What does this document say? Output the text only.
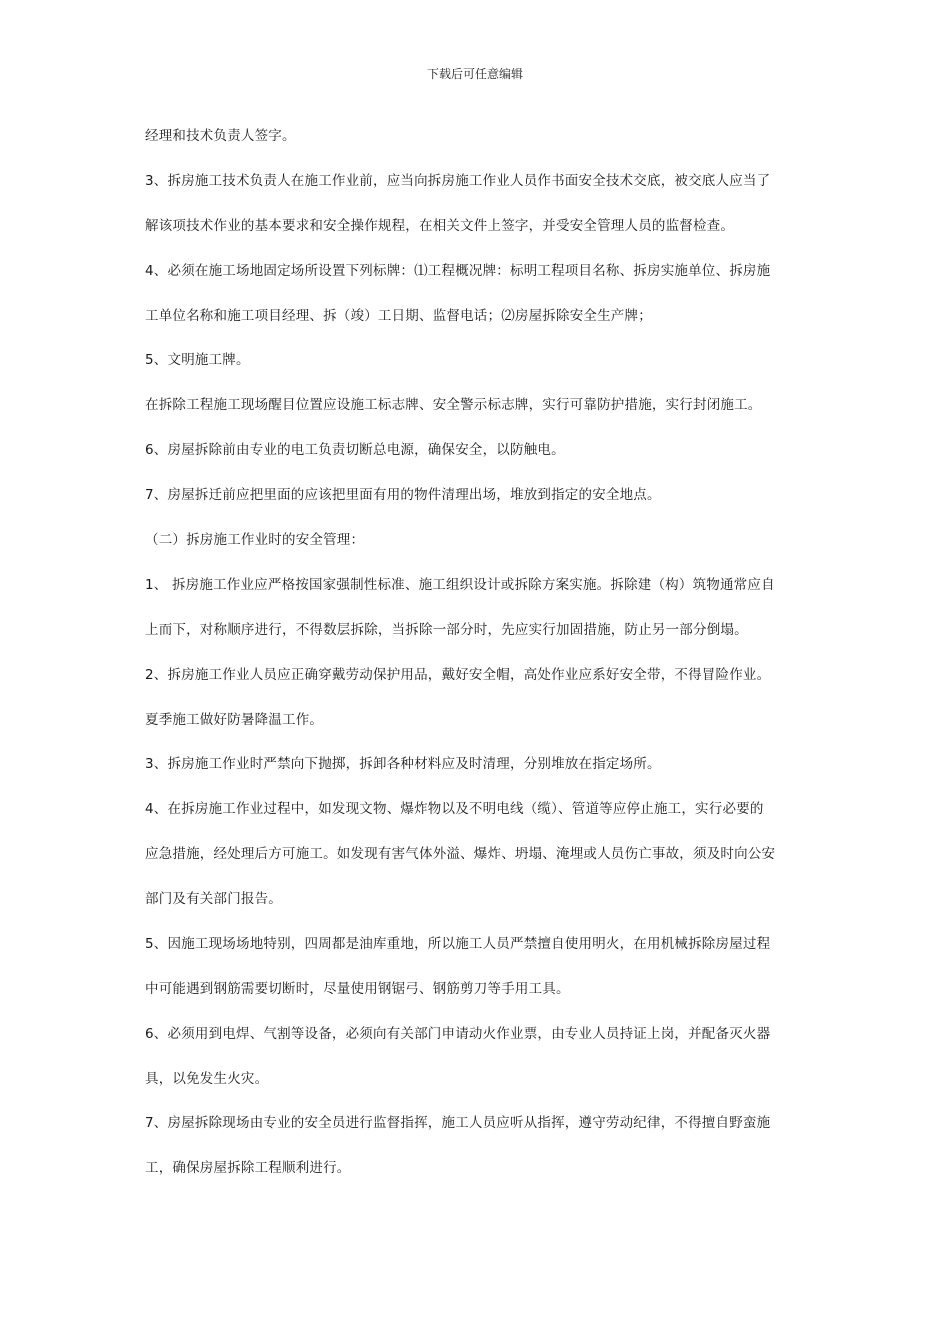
下载后可任意编辑
经理和技术负责人签字。
3、拆房施工技术负责人在施工作业前，应当向拆房施工作业人员作书面安全技术交底，被交底人应当了
解该项技术作业的基本要求和安全操作规程，在相关文件上签字，并受安全管理人员的监督检查。
4、必须在施工场地固定场所设置下列标牌：⑴工程概况牌：标明工程项目名称、拆房实施单位、拆房施
工单位名称和施工项目经理、拆（竣）工日期、监督电话；⑵房屋拆除安全生产牌；
5、文明施工牌。
在拆除工程施工现场醒目位置应设施工标志牌、安全警示标志牌，实行可靠防护措施，实行封闭施工。
6、房屋拆除前由专业的电工负责切断总电源，确保安全，以防触电。
7、房屋拆迁前应把里面的应该把里面有用的物件清理出场，堆放到指定的安全地点。
（二）拆房施工作业时的安全管理：
1、 拆房施工作业应严格按国家强制性标准、施工组织设计或拆除方案实施。拆除建（构）筑物通常应自
上而下，对称顺序进行，不得数层拆除，当拆除一部分时，先应实行加固措施，防止另一部分倒塌。
2、拆房施工作业人员应正确穿戴劳动保护用品，戴好安全帽，高处作业应系好安全带，不得冒险作业。
夏季施工做好防暑降温工作。
3、拆房施工作业时严禁向下抛掷，拆卸各种材料应及时清理，分别堆放在指定场所。
4、在拆房施工作业过程中，如发现文物、爆炸物以及不明电线（缆）、管道等应停止施工，实行必要的
应急措施，经处理后方可施工。如发现有害气体外溢、爆炸、坍塌、淹埋或人员伤亡事故，须及时向公安
部门及有关部门报告。
5、因施工现场场地特别，四周都是油库重地，所以施工人员严禁擅自使用明火，在用机械拆除房屋过程
中可能遇到钢筋需要切断时，尽量使用钢锯弓、钢筋剪刀等手用工具。
6、必须用到电焊、气割等设备，必须向有关部门申请动火作业票，由专业人员持证上岗，并配备灭火器
具，以免发生火灾。
7、房屋拆除现场由专业的安全员进行监督指挥，施工人员应听从指挥，遵守劳动纪律，不得擅自野蛮施
工，确保房屋拆除工程顺利进行。
